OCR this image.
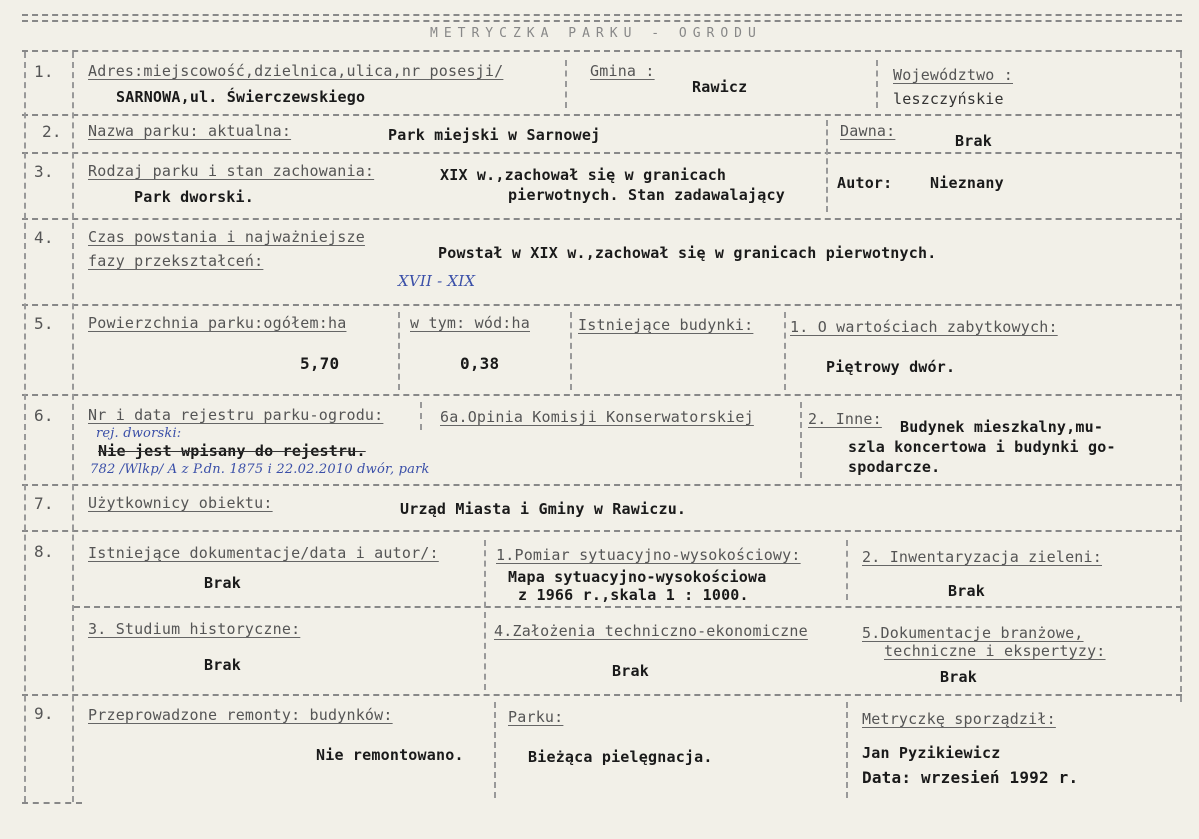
METRYCZKA PARKU - OGRODU
1. Adres:miejscowość,dzielnica,ulica,nr posesji/
SARNOWA,ul. Świerczewskiego
Gmina :
Rawicz
Województwo :
leszczyńskie
2. Nazwa parku: aktualna:	Park miejski w Sarnowej	Dawna:
Brak
3. Rodzaj parku i stan zachowania:
Park dworski.
XIX w.,zachował się w granicach
pierwotnych. Stan zadawalający
Autor:	Nieznany
4. Czas powstania i najważniejsze
fazy przekształceń:	Powstał w XIX w.,zachował się w granicach pierwotnych.
XVII - XIX
5. Powierzchnia parku:ogółem:ha
5,70
w tym: wód:ha
0,38
Istniejące budynki: 1. O wartościach zabytkowych:
Piętrowy dwór.
6. Nr i data rejestru parku-ogrodu:
rej. dworski:
Nie jest wpisany do rejestru.
782 /Wlkp/ A z P.dn. 1875 i 22.02.2010 dwór, park
6a.Opinia Komisji Konserwatorskiej	2. Inne: Budynek mieszkalny,mu-
szla koncertowa i budynki go-
spodarcze.
7. Użytkownicy obiektu:	Urząd Miasta i Gminy w Rawiczu.
8. Istniejące dokumentacje/data i autor/:
Brak
1.Pomiar sytuacyjno-wysokościowy:
Mapa sytuacyjno-wysokościowa
z 1966 r.,skala 1 : 1000.
2. Inwentaryzacja zieleni:
Brak
3. Studium historyczne:
Brak
4.Założenia techniczno-ekonomiczne
Brak
5.Dokumentacje branżowe,
techniczne i ekspertyzy:
Brak
9. Przeprowadzone remonty: budynków:
Nie remontowano.
Parku:
Bieżąca pielęgnacja.
Metryczkę sporządził:
Jan Pyzikiewicz
Data: wrzesień 1992 r.
